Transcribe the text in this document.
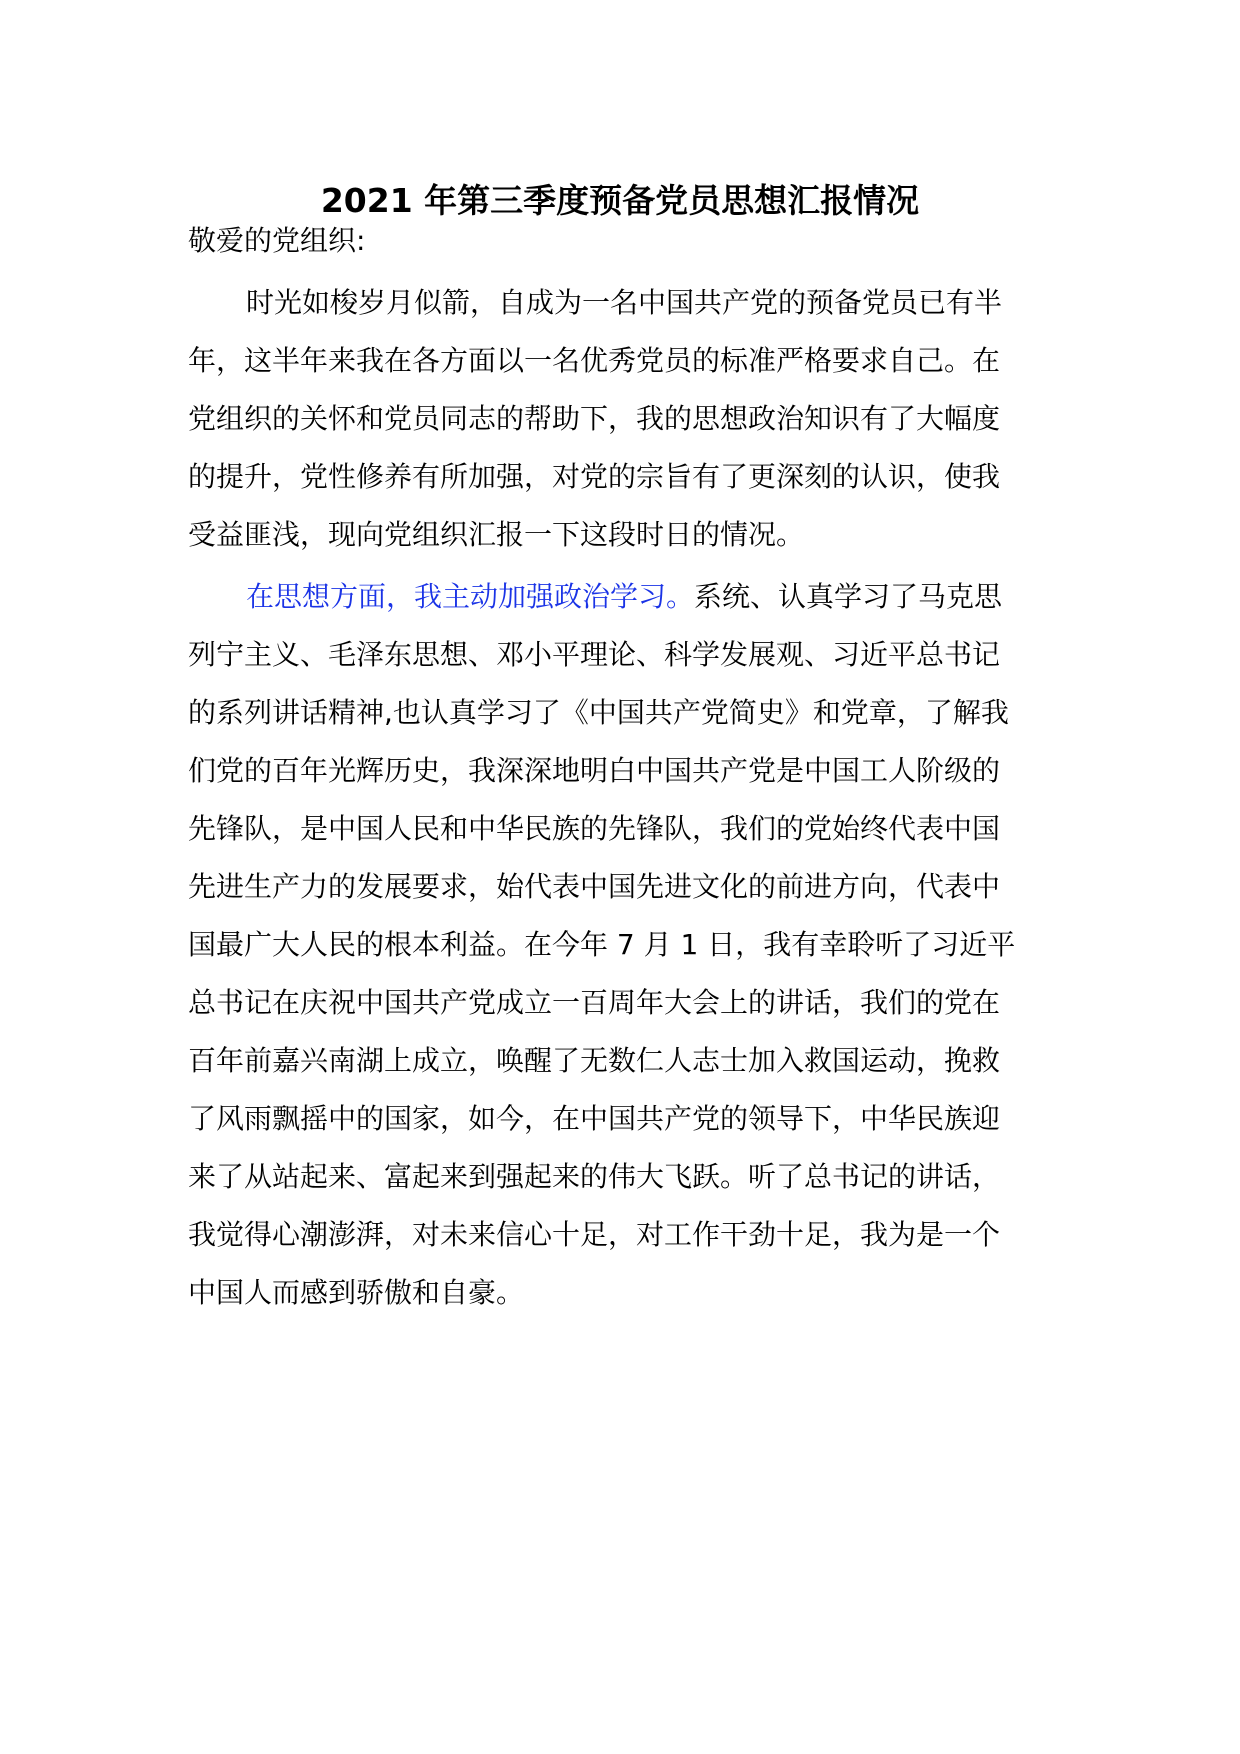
2021 年第三季度预备党员思想汇报情况
敬爱的党组织:
时光如梭岁月似箭，自成为一名中国共产党的预备党员已有半
年，这半年来我在各方面以一名优秀党员的标准严格要求自己。在
党组织的关怀和党员同志的帮助下，我的思想政治知识有了大幅度
的提升，党性修养有所加强，对党的宗旨有了更深刻的认识，使我
受益匪浅，现向党组织汇报一下这段时日的情况。
在思想方面，我主动加强政治学习。系统、认真学习了马克思
列宁主义、毛泽东思想、邓小平理论、科学发展观、习近平总书记
的系列讲话精神,也认真学习了《中国共产党简史》和党章，了解我
们党的百年光辉历史，我深深地明白中国共产党是中国工人阶级的
先锋队，是中国人民和中华民族的先锋队，我们的党始终代表中国
先进生产力的发展要求，始代表中国先进文化的前进方向，代表中
国最广大人民的根本利益。在今年 7 月 1 日，我有幸聆听了习近平
总书记在庆祝中国共产党成立一百周年大会上的讲话，我们的党在
百年前嘉兴南湖上成立，唤醒了无数仁人志士加入救国运动，挽救
了风雨飘摇中的国家，如今，在中国共产党的领导下，中华民族迎
来了从站起来、富起来到强起来的伟大飞跃。听了总书记的讲话，
我觉得心潮澎湃，对未来信心十足，对工作干劲十足，我为是一个
中国人而感到骄傲和自豪。
